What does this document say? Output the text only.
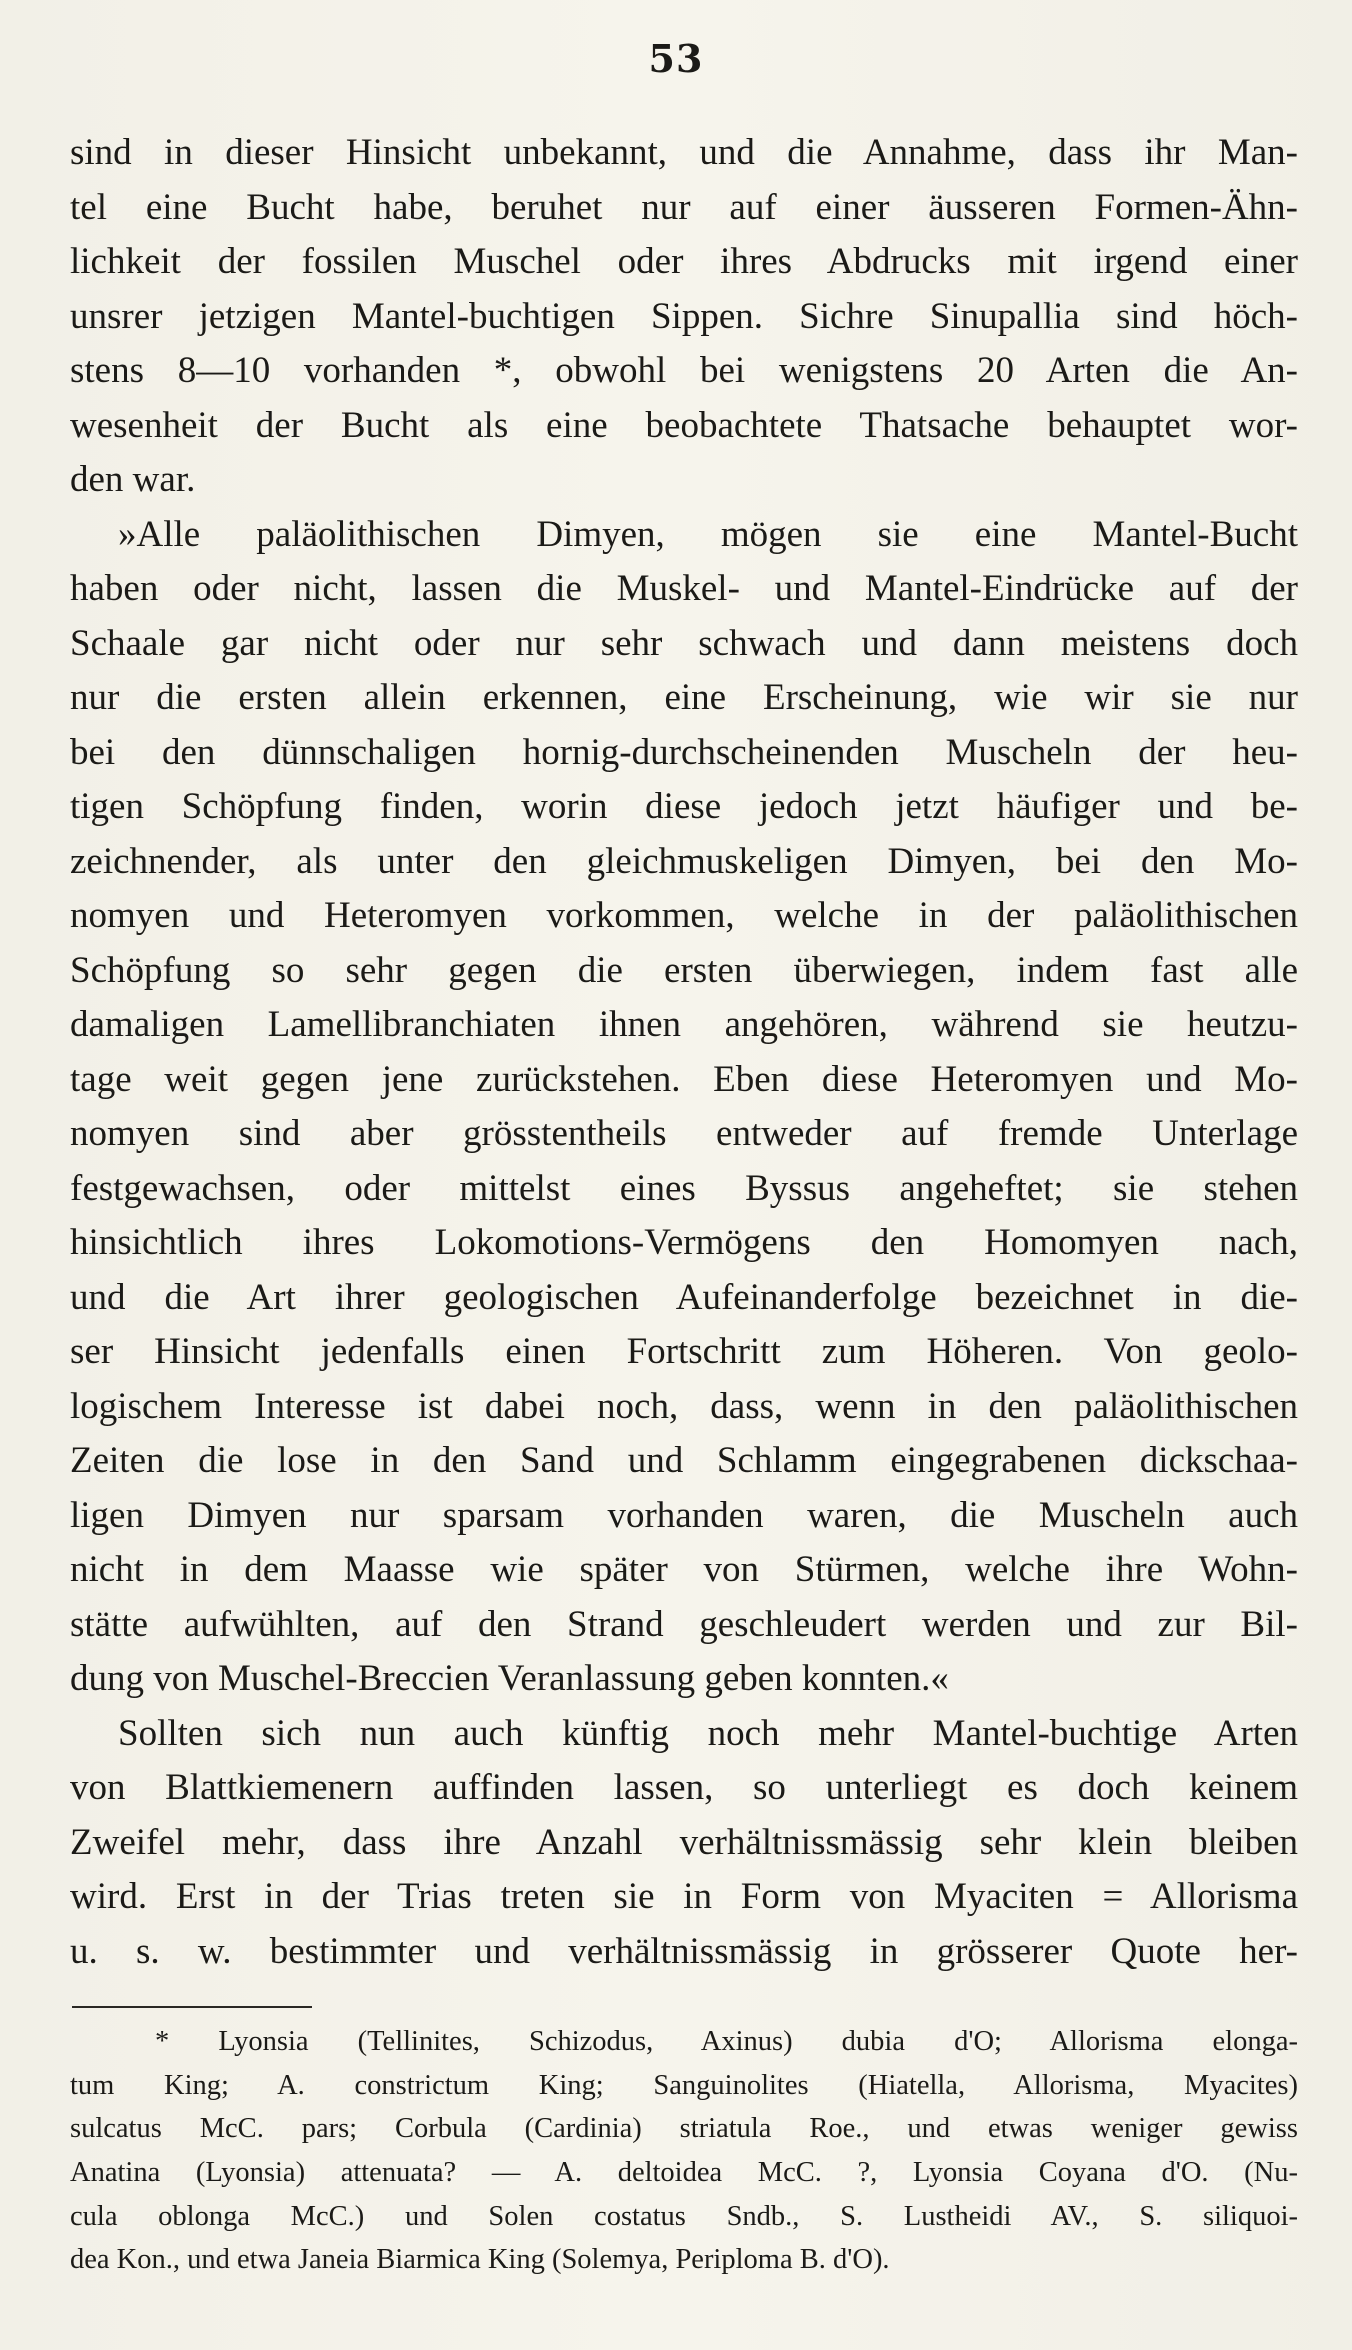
53
sind in dieser Hinsicht unbekannt, und die Annahme, dass ihr Man-
tel eine Bucht habe, beruhet nur auf einer äusseren Formen-Ähn-
lichkeit der fossilen Muschel oder ihres Abdrucks mit irgend einer
unsrer jetzigen Mantel-buchtigen Sippen. Sichre Sinupallia sind höch-
stens 8—10 vorhanden *, obwohl bei wenigstens 20 Arten die An-
wesenheit der Bucht als eine beobachtete Thatsache behauptet wor-
den war.
»Alle paläolithischen Dimyen, mögen sie eine Mantel-Bucht
haben oder nicht, lassen die Muskel- und Mantel-Eindrücke auf der
Schaale gar nicht oder nur sehr schwach und dann meistens doch
nur die ersten allein erkennen, eine Erscheinung, wie wir sie nur
bei den dünnschaligen hornig-durchscheinenden Muscheln der heu-
tigen Schöpfung finden, worin diese jedoch jetzt häufiger und be-
zeichnender, als unter den gleichmuskeligen Dimyen, bei den Mo-
nomyen und Heteromyen vorkommen, welche in der paläolithischen
Schöpfung so sehr gegen die ersten überwiegen, indem fast alle
damaligen Lamellibranchiaten ihnen angehören, während sie heutzu-
tage weit gegen jene zurückstehen. Eben diese Heteromyen und Mo-
nomyen sind aber grösstentheils entweder auf fremde Unterlage
festgewachsen, oder mittelst eines Byssus angeheftet; sie stehen
hinsichtlich ihres Lokomotions-Vermögens den Homomyen nach,
und die Art ihrer geologischen Aufeinanderfolge bezeichnet in die-
ser Hinsicht jedenfalls einen Fortschritt zum Höheren. Von geolo-
logischem Interesse ist dabei noch, dass, wenn in den paläolithischen
Zeiten die lose in den Sand und Schlamm eingegrabenen dickschaa-
ligen Dimyen nur sparsam vorhanden waren, die Muscheln auch
nicht in dem Maasse wie später von Stürmen, welche ihre Wohn-
stätte aufwühlten, auf den Strand geschleudert werden und zur Bil-
dung von Muschel-Breccien Veranlassung geben konnten.«
Sollten sich nun auch künftig noch mehr Mantel-buchtige Arten
von Blattkiemenern auffinden lassen, so unterliegt es doch keinem
Zweifel mehr, dass ihre Anzahl verhältnissmässig sehr klein bleiben
wird. Erst in der Trias treten sie in Form von Myaciten = Allorisma
u. s. w. bestimmter und verhältnissmässig in grösserer Quote her-
* Lyonsia (Tellinites, Schizodus, Axinus) dubia d'O; Allorisma elonga-
tum King; A. constrictum King; Sanguinolites (Hiatella, Allorisma, Myacites)
sulcatus McC. pars; Corbula (Cardinia) striatula Roe., und etwas weniger gewiss
Anatina (Lyonsia) attenuata? — A. deltoidea McC. ?, Lyonsia Coyana d'O. (Nu-
cula oblonga McC.) und Solen costatus Sndb., S. Lustheidi AV., S. siliquoi-
dea Kon., und etwa Janeia Biarmica King (Solemya, Periploma B. d'O).
